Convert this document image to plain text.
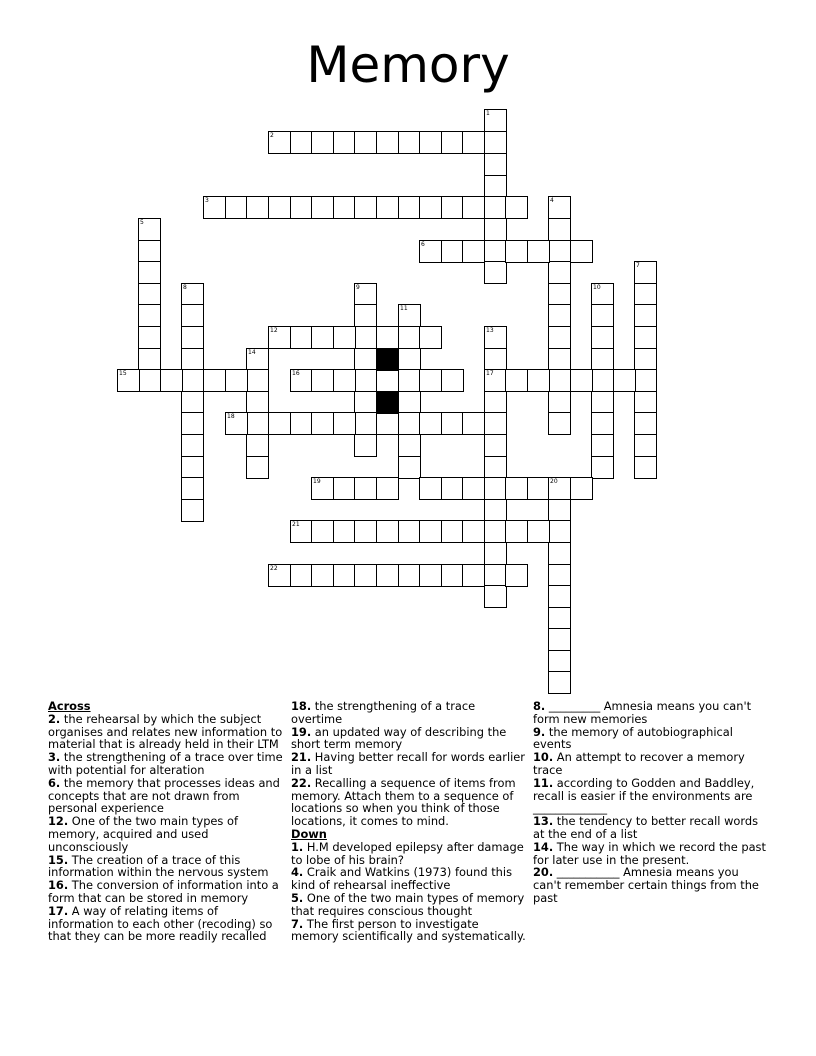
Memory
1
2
3	4
5
6
7
8	9	10
11
12	13
14
15	16	17
18
19	20
21
22
Across
2. the rehearsal by which the subject organises and relates new information to material that is already held in their LTM
3. the strengthening of a trace over time with potential for alteration
6. the memory that processes ideas and concepts that are not drawn from personal experience
12. One of the two main types of memory, acquired and used unconsciously
15. The creation of a trace of this information within the nervous system
16. The conversion of information into a form that can be stored in memory
17. A way of relating items of information to each other (recoding) so that they can be more readily recalled
18. the strengthening of a trace overtime
19. an updated way of describing the short term memory
21. Having better recall for words earlier in a list
22. Recalling a sequence of items from memory. Attach them to a sequence of locations so when you think of those locations, it comes to mind.
Down
1. H.M developed epilepsy after damage to lobe of his brain?
4. Craik and Watkins (1973) found this kind of rehearsal ineffective
5. One of the two main types of memory that requires conscious thought
7. The first person to investigate memory scientifically and systematically.
8. _________ Amnesia means you can't form new memories
9. the memory of autobiographical events
10. An attempt to recover a memory trace
11. according to Godden and Baddley, recall is easier if the environments are _____________
13. the tendency to better recall words at the end of a list
14. The way in which we record the past for later use in the present.
20. ___________ Amnesia means you can't remember certain things from the past
